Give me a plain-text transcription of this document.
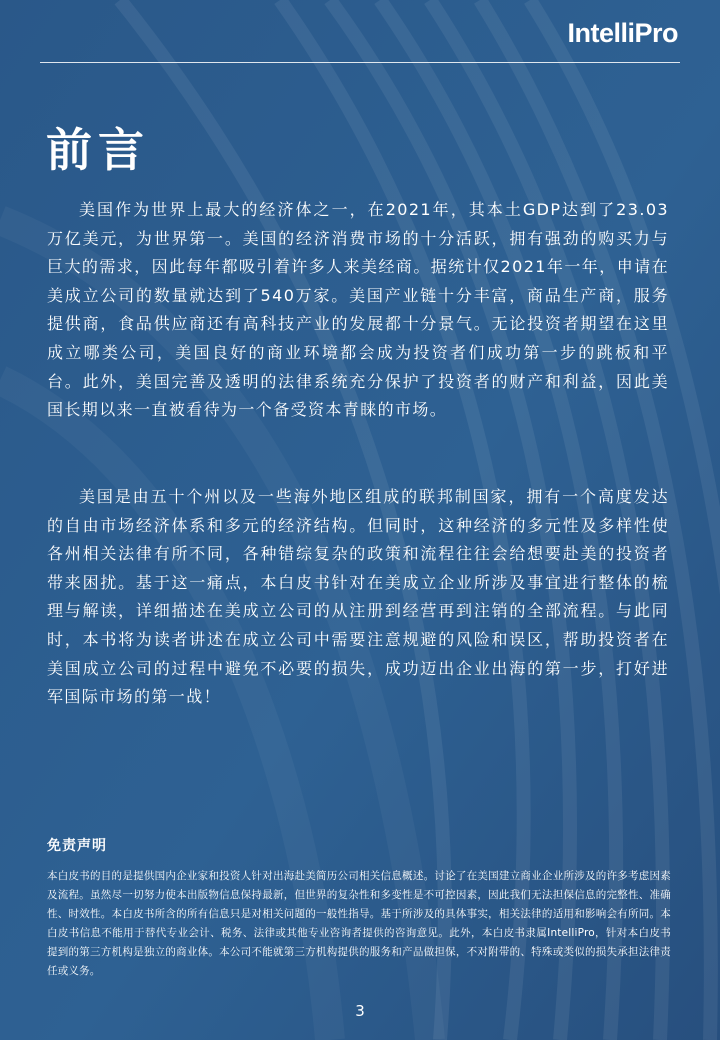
IntelliPro
前言

美国作为世界上最大的经济体之一，在2021年，其本土GDP达到了23.03万亿美元，为世界第一。美国的经济消费市场的十分活跃，拥有强劲的购买力与巨大的需求，因此每年都吸引着许多人来美经商。据统计仅2021年一年，申请在美成立公司的数量就达到了540万家。美国产业链十分丰富，商品生产商，服务提供商，食品供应商还有高科技产业的发展都十分景气。无论投资者期望在这里成立哪类公司，美国良好的商业环境都会成为投资者们成功第一步的跳板和平台。此外，美国完善及透明的法律系统充分保护了投资者的财产和利益，因此美国长期以来一直被看待为一个备受资本青睐的市场。

美国是由五十个州以及一些海外地区组成的联邦制国家，拥有一个高度发达的自由市场经济体系和多元的经济结构。但同时，这种经济的多元性及多样性使各州相关法律有所不同，各种错综复杂的政策和流程往往会给想要赴美的投资者带来困扰。基于这一痛点，本白皮书针对在美成立企业所涉及事宜进行整体的梳理与解读，详细描述在美成立公司的从注册到经营再到注销的全部流程。与此同时，本书将为读者讲述在成立公司中需要注意规避的风险和误区，帮助投资者在美国成立公司的过程中避免不必要的损失，成功迈出企业出海的第一步，打好进军国际市场的第一战！

免责声明

本白皮书的目的是提供国内企业家和投资人针对出海赴美简历公司相关信息概述。讨论了在美国建立商业企业所涉及的许多考虑因素及流程。虽然尽一切努力使本出版物信息保持最新，但世界的复杂性和多变性是不可控因素，因此我们无法担保信息的完整性、准确性、时效性。本白皮书所含的所有信息只是对相关问题的一般性指导。基于所涉及的具体事实，相关法律的适用和影响会有所同。本白皮书信息不能用于替代专业会计、税务、法律或其他专业咨询者提供的咨询意见。此外，本白皮书隶属IntelliPro，针对本白皮书提到的第三方机构是独立的商业体。本公司不能就第三方机构提供的服务和产品做担保，不对附带的、特殊或类似的损失承担法律责任或义务。

3
